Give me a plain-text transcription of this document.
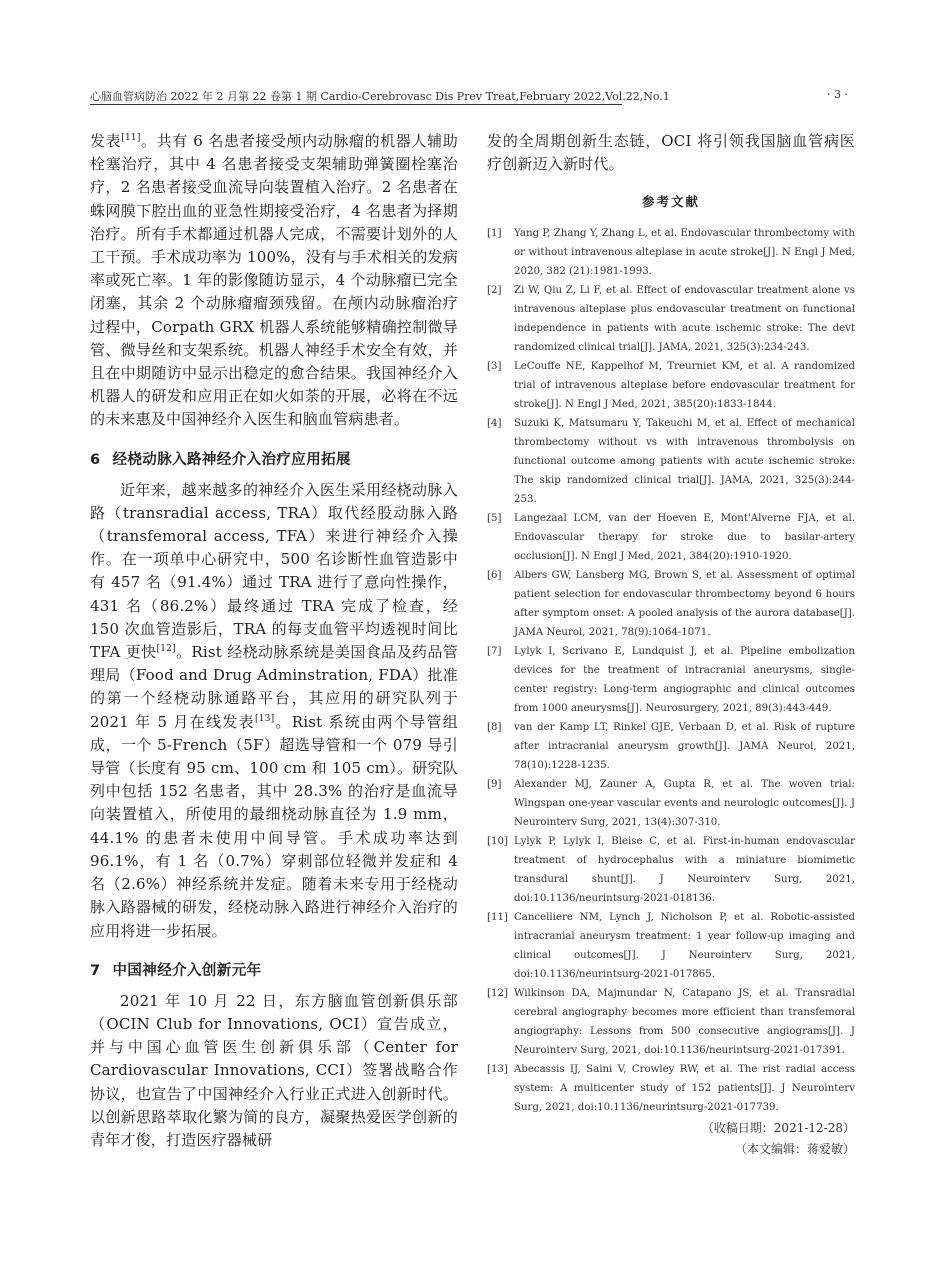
心脑血管病防治 2022 年 2 月第 22 卷第 1 期 Cardio-Cerebrovasc Dis Prev Treat,February 2022,Vol.22,No.1	· 3 ·

发表[11]。共有 6 名患者接受颅内动脉瘤的机器人辅助栓塞治疗，其中 4 名患者接受支架辅助弹簧圈栓塞治疗，2 名患者接受血流导向装置植入治疗。2 名患者在蛛网膜下腔出血的亚急性期接受治疗，4 名患者为择期治疗。所有手术都通过机器人完成，不需要计划外的人工干预。手术成功率为 100%，没有与手术相关的发病率或死亡率。1 年的影像随访显示，4 个动脉瘤已完全闭塞，其余 2 个动脉瘤瘤颈残留。在颅内动脉瘤治疗过程中，Corpath GRX 机器人系统能够精确控制微导管、微导丝和支架系统。机器人神经手术安全有效，并且在中期随访中显示出稳定的愈合结果。我国神经介入机器人的研发和应用正在如火如荼的开展，必将在不远的未来惠及中国神经介入医生和脑血管病患者。

6 经桡动脉入路神经介入治疗应用拓展

近年来，越来越多的神经介入医生采用经桡动脉入路（transradial access, TRA）取代经股动脉入路（transfemoral access, TFA）来进行神经介入操作。在一项单中心研究中，500 名诊断性血管造影中有 457 名（91.4%）通过 TRA 进行了意向性操作，431 名（86.2%）最终通过 TRA 完成了检查，经 150 次血管造影后，TRA 的每支血管平均透视时间比 TFA 更快[12]。Rist 经桡动脉系统是美国食品及药品管理局（Food and Drug Adminstration, FDA）批准的第一个经桡动脉通路平台，其应用的研究队列于 2021 年 5 月在线发表[13]。Rist 系统由两个导管组成，一个 5-French（5F）超选导管和一个 079 导引导管（长度有 95 cm、100 cm 和 105 cm）。研究队列中包括 152 名患者，其中 28.3% 的治疗是血流导向装置植入，所使用的最细桡动脉直径为 1.9 mm，44.1% 的患者未使用中间导管。手术成功率达到 96.1%，有 1 名（0.7%）穿刺部位轻微并发症和 4 名（2.6%）神经系统并发症。随着未来专用于经桡动脉入路器械的研发，经桡动脉入路进行神经介入治疗的应用将进一步拓展。

7 中国神经介入创新元年

2021 年 10 月 22 日，东方脑血管创新俱乐部（OCIN Club for Innovations, OCI）宣告成立，并与中国心血管医生创新俱乐部（Center for Cardiovascular Innovations, CCI）签署战略合作协议，也宣告了中国神经介入行业正式进入创新时代。以创新思路萃取化繁为简的良方，凝聚热爱医学创新的青年才俊，打造医疗器械研

发的全周期创新生态链，OCI 将引领我国脑血管病医疗创新迈入新时代。

参考文献
[1]	Yang P, Zhang Y, Zhang L, et al. Endovascular thrombectomy with or without intravenous alteplase in acute stroke[J]. N Engl J Med, 2020, 382 (21):1981-1993.
[2]	Zi W, Qiu Z, Li F, et al. Effect of endovascular treatment alone vs intravenous alteplase plus endovascular treatment on functional independence in patients with acute ischemic stroke: The devt randomized clinical trial[J]. JAMA, 2021, 325(3):234-243.
[3]	LeCouffe NE, Kappelhof M, Treurniet KM, et al. A randomized trial of intravenous alteplase before endovascular treatment for stroke[J]. N Engl J Med, 2021, 385(20):1833-1844.
[4]	Suzuki K, Matsumaru Y, Takeuchi M, et al. Effect of mechanical thrombectomy without vs with intravenous thrombolysis on functional outcome among patients with acute ischemic stroke: The skip randomized clinical trial[J]. JAMA, 2021, 325(3):244-253.
[5]	Langezaal LCM, van der Hoeven E, Mont'Alverne FJA, et al. Endovascular therapy for stroke due to basilar-artery occlusion[J]. N Engl J Med, 2021, 384(20):1910-1920.
[6]	Albers GW, Lansberg MG, Brown S, et al. Assessment of optimal patient selection for endovascular thrombectomy beyond 6 hours after symptom onset: A pooled analysis of the aurora database[J]. JAMA Neurol, 2021, 78(9):1064-1071.
[7]	Lylyk I, Scrivano E, Lundquist J, et al. Pipeline embolization devices for the treatment of intracranial aneurysms, single-center registry: Long-term angiographic and clinical outcomes from 1000 aneurysms[J]. Neurosurgery, 2021, 89(3):443-449.
[8]	van der Kamp LT, Rinkel GJE, Verbaan D, et al. Risk of rupture after intracranial aneurysm growth[J]. JAMA Neurol, 2021, 78(10):1228-1235.
[9]	Alexander MJ, Zauner A, Gupta R, et al. The woven trial: Wingspan one-year vascular events and neurologic outcomes[J]. J Neurointerv Surg, 2021, 13(4):307-310.
[10] Lylyk P, Lylyk I, Bleise C, et al. First-in-human endovascular treatment of hydrocephalus with a miniature biomimetic transdural shunt[J]. J Neurointerv Surg, 2021, doi:10.1136/neurintsurg-2021-018136.
[11] Cancelliere NM, Lynch J, Nicholson P, et al. Robotic-assisted intracranial aneurysm treatment: 1 year follow-up imaging and clinical outcomes[J]. J Neurointerv Surg, 2021, doi:10.1136/neurintsurg-2021-017865.
[12] Wilkinson DA, Majmundar N, Catapano JS, et al. Transradial cerebral angiography becomes more efficient than transfemoral angiography: Lessons from 500 consecutive angiograms[J]. J Neurointerv Surg, 2021, doi:10.1136/neurintsurg-2021-017391.
[13] Abecassis IJ, Saini V, Crowley RW, et al. The rist radial access system: A multicenter study of 152 patients[J]. J Neurointerv Surg, 2021, doi:10.1136/neurintsurg-2021-017739.
（收稿日期：2021-12-28）
（本文编辑：蒋爱敏）
